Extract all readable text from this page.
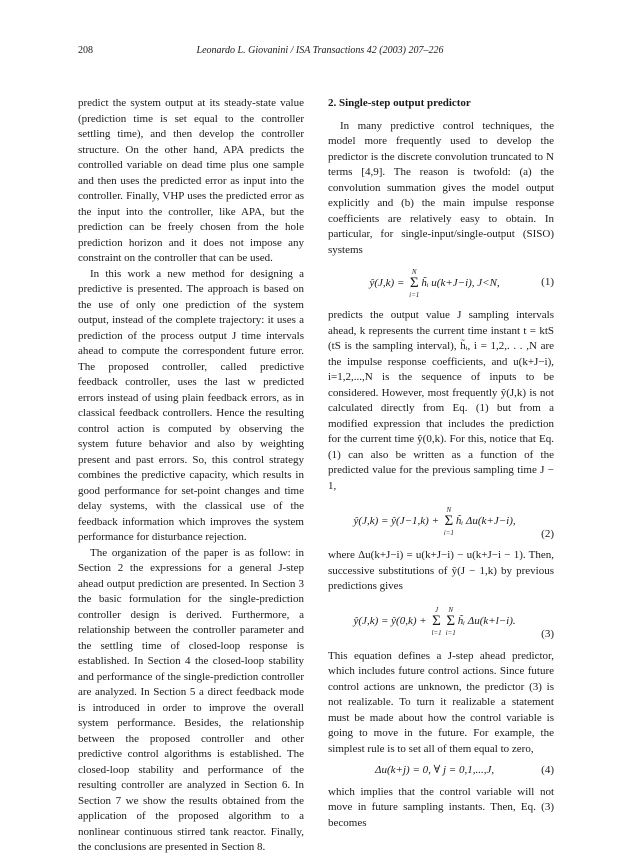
208	Leonardo L. Giovanini / ISA Transactions 42 (2003) 207–226

predict the system output at its steady-state value (prediction time is set equal to the controller settling time), and then develop the controller structure. On the other hand, APA predicts the controlled variable on dead time plus one sample and then uses the predicted error as input into the controller. Finally, VHP uses the predicted error as the input into the controller, like APA, but the prediction can be freely chosen from the hole prediction horizon and it does not impose any constraint on the controller that can be used.

In this work a new method for designing a predictive is presented. The approach is based on the use of only one prediction of the system output, instead of the complete trajectory: it uses a prediction of the process output J time intervals ahead to compute the correspondent future error. The proposed controller, called predictive feedback controller, uses the last w predicted errors instead of using plain feedback errors, as in classical feedback controllers. Hence the resulting control action is computed by observing the system future behavior and also by weighting present and past errors. So, this control strategy combines the predictive capacity, which results in good performance for set-point changes and time delay systems, with the classical use of the feedback information which improves the system performance for disturbance rejection.

The organization of the paper is as follow: in Section 2 the expressions for a general J-step ahead output prediction are presented. In Section 3 the basic formulation for the single-prediction controller design is derived. Furthermore, a relationship between the controller parameter and the settling time of closed-loop response is established. In Section 4 the closed-loop stability and performance of the single-prediction controller are analyzed. In Section 5 a direct feedback mode is introduced in order to improve the overall system performance. Besides, the relationship between the proposed controller and other predictive control algorithms is established. The closed-loop stability and performance of the resulting controller are analyzed in Section 6. In Section 7 we show the results obtained from the application of the proposed algorithm to a nonlinear continuous stirred tank reactor. Finally, the conclusions are presented in Section 8.

2. Single-step output predictor

In many predictive control techniques, the model more frequently used to develop the predictor is the discrete convolution truncated to N terms [4,9]. The reason is twofold: (a) the convolution summation gives the model output explicitly and (b) the main impulse response coefficients are relatively easy to obtain. In particular, for single-input/single-output (SISO) systems

ŷ(J,k) =
N
Σ
i=1
h̃ᵢ u(k+J−i), J<N,	(1)

predicts the output value J sampling intervals ahead, k represents the current time instant t = ktS (tS is the sampling interval), h̃ᵢ, i = 1,2,. . . ,N are the impulse response coefficients, and u(k+J−i), i=1,2,...,N is the sequence of inputs to be considered. However, most frequently ŷ(J,k) is not calculated directly from Eq. (1) but from a modified expression that includes the prediction for the current time ŷ(0,k). For this, notice that Eq. (1) can also be written as a function of the predicted value for the previous sampling time J − 1,

ŷ(J,k) = ŷ(J−1,k) +
N
Σ
i=1
h̃ᵢ Δu(k+J−i),
(2)

where Δu(k+J−i) = u(k+J−i) − u(k+J−i − 1). Then, successive substitutions of ŷ(J − 1,k) by previous predictions gives

ŷ(J,k) = ŷ(0,k) +
J
Σ
l=1
N
Σ
i=1
h̃ᵢ Δu(k+l−i).
(3)

This equation defines a J-step ahead predictor, which includes future control actions. Since future control actions are unknown, the predictor (3) is not realizable. To turn it realizable a statement must be made about how the control variable is going to move in the future. For example, the simplest rule is to set all of them equal to zero,

Δu(k+j) = 0, ∀ j = 0,1,...,J,	(4)

which implies that the control variable will not move in future sampling instants. Then, Eq. (3) becomes
